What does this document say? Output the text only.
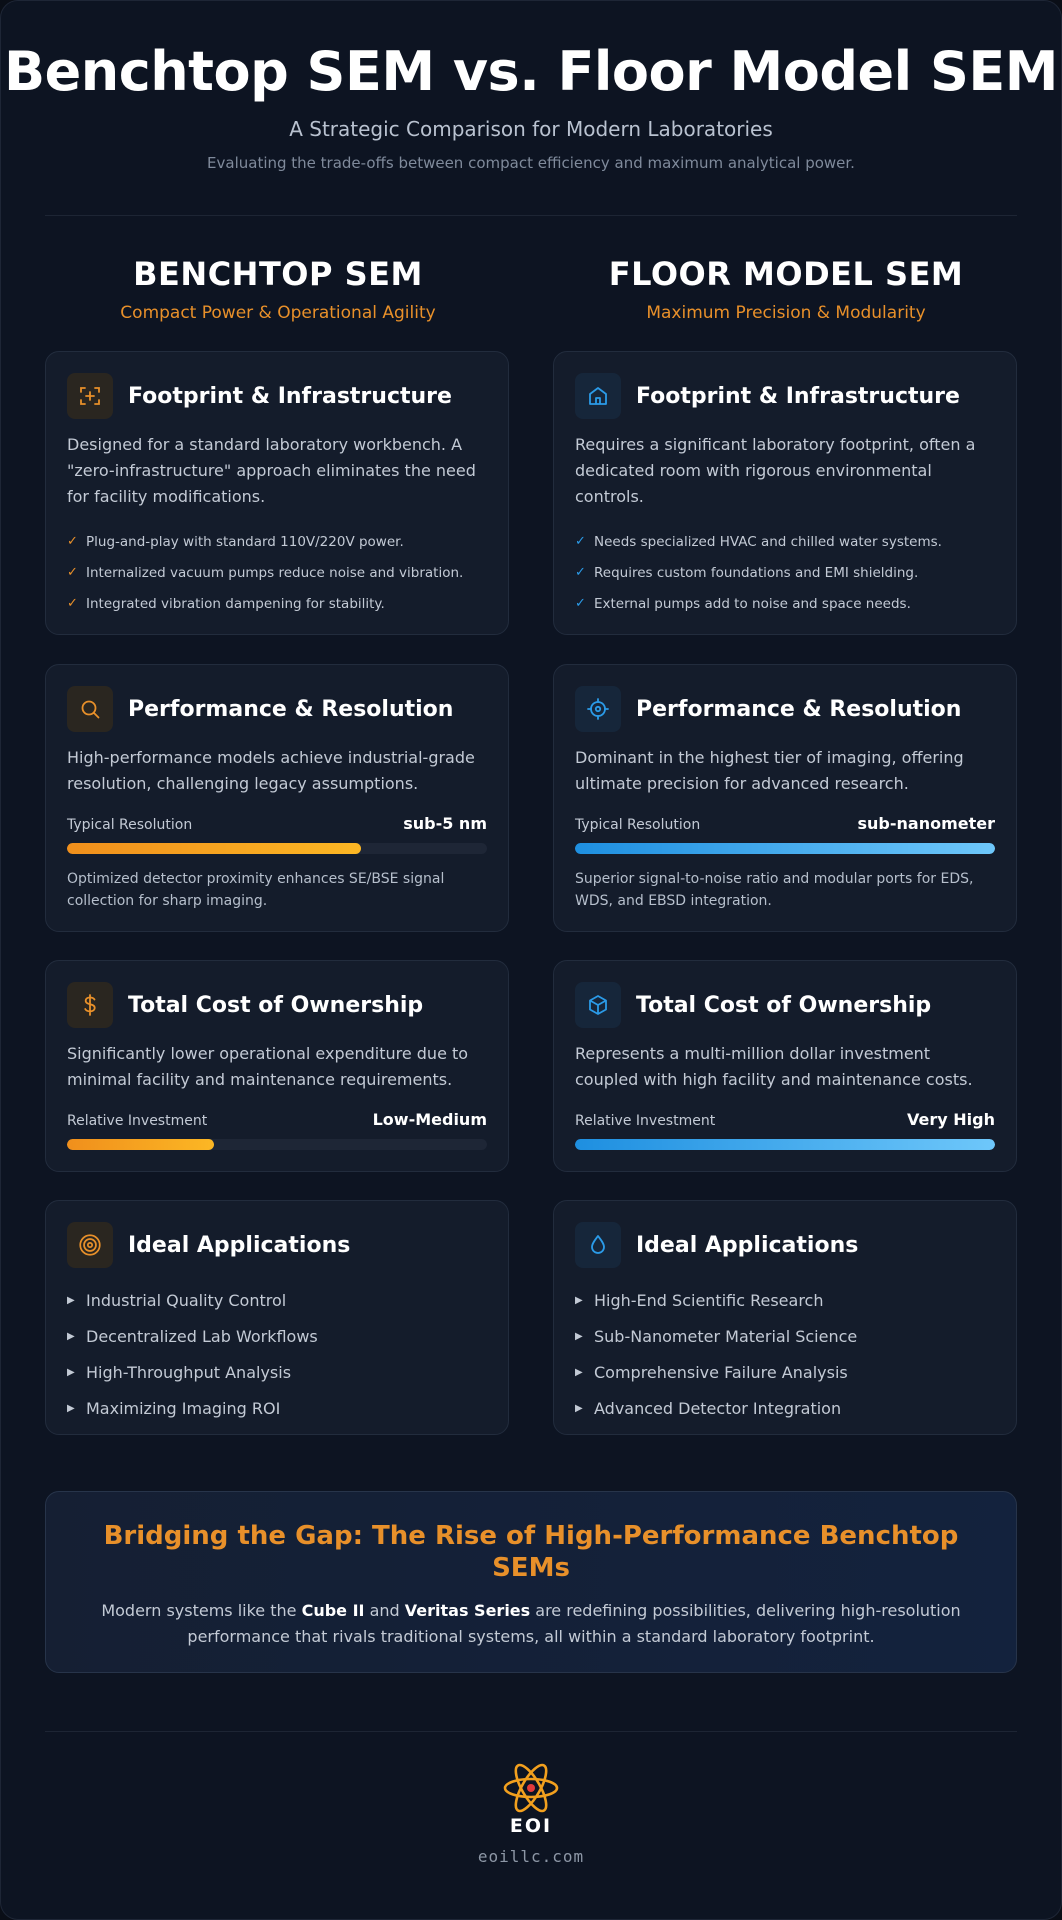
Benchtop SEM vs. Floor Model SEM
A Strategic Comparison for Modern Laboratories
Evaluating the trade-offs between compact efficiency and maximum analytical power.
BENCHTOP SEM
Compact Power & Operational Agility
FLOOR MODEL SEM
Maximum Precision & Modularity
Footprint & Infrastructure
Designed for a standard laboratory workbench. A "zero-infrastructure" approach eliminates the need for facility modifications.
✓ Plug-and-play with standard 110V/220V power.
✓ Internalized vacuum pumps reduce noise and vibration.
✓ Integrated vibration dampening for stability.
Footprint & Infrastructure
Requires a significant laboratory footprint, often a dedicated room with rigorous environmental controls.
✓ Needs specialized HVAC and chilled water systems.
✓ Requires custom foundations and EMI shielding.
✓ External pumps add to noise and space needs.
Performance & Resolution
High-performance models achieve industrial-grade resolution, challenging legacy assumptions.
Typical Resolution	sub-5 nm
Optimized detector proximity enhances SE/BSE signal collection for sharp imaging.
Performance & Resolution
Dominant in the highest tier of imaging, offering ultimate precision for advanced research.
Typical Resolution	sub-nanometer
Superior signal-to-noise ratio and modular ports for EDS, WDS, and EBSD integration.
Total Cost of Ownership
Significantly lower operational expenditure due to minimal facility and maintenance requirements.
Relative Investment	Low-Medium
Total Cost of Ownership
Represents a multi-million dollar investment coupled with high facility and maintenance costs.
Relative Investment	Very High
Ideal Applications
▶ Industrial Quality Control
▶ Decentralized Lab Workflows
▶ High-Throughput Analysis
▶ Maximizing Imaging ROI
Ideal Applications
▶ High-End Scientific Research
▶ Sub-Nanometer Material Science
▶ Comprehensive Failure Analysis
▶ Advanced Detector Integration
Bridging the Gap: The Rise of High-Performance Benchtop SEMs
Modern systems like the Cube II and Veritas Series are redefining possibilities, delivering high-resolution performance that rivals traditional systems, all within a standard laboratory footprint.
EOI
eoillc.com
